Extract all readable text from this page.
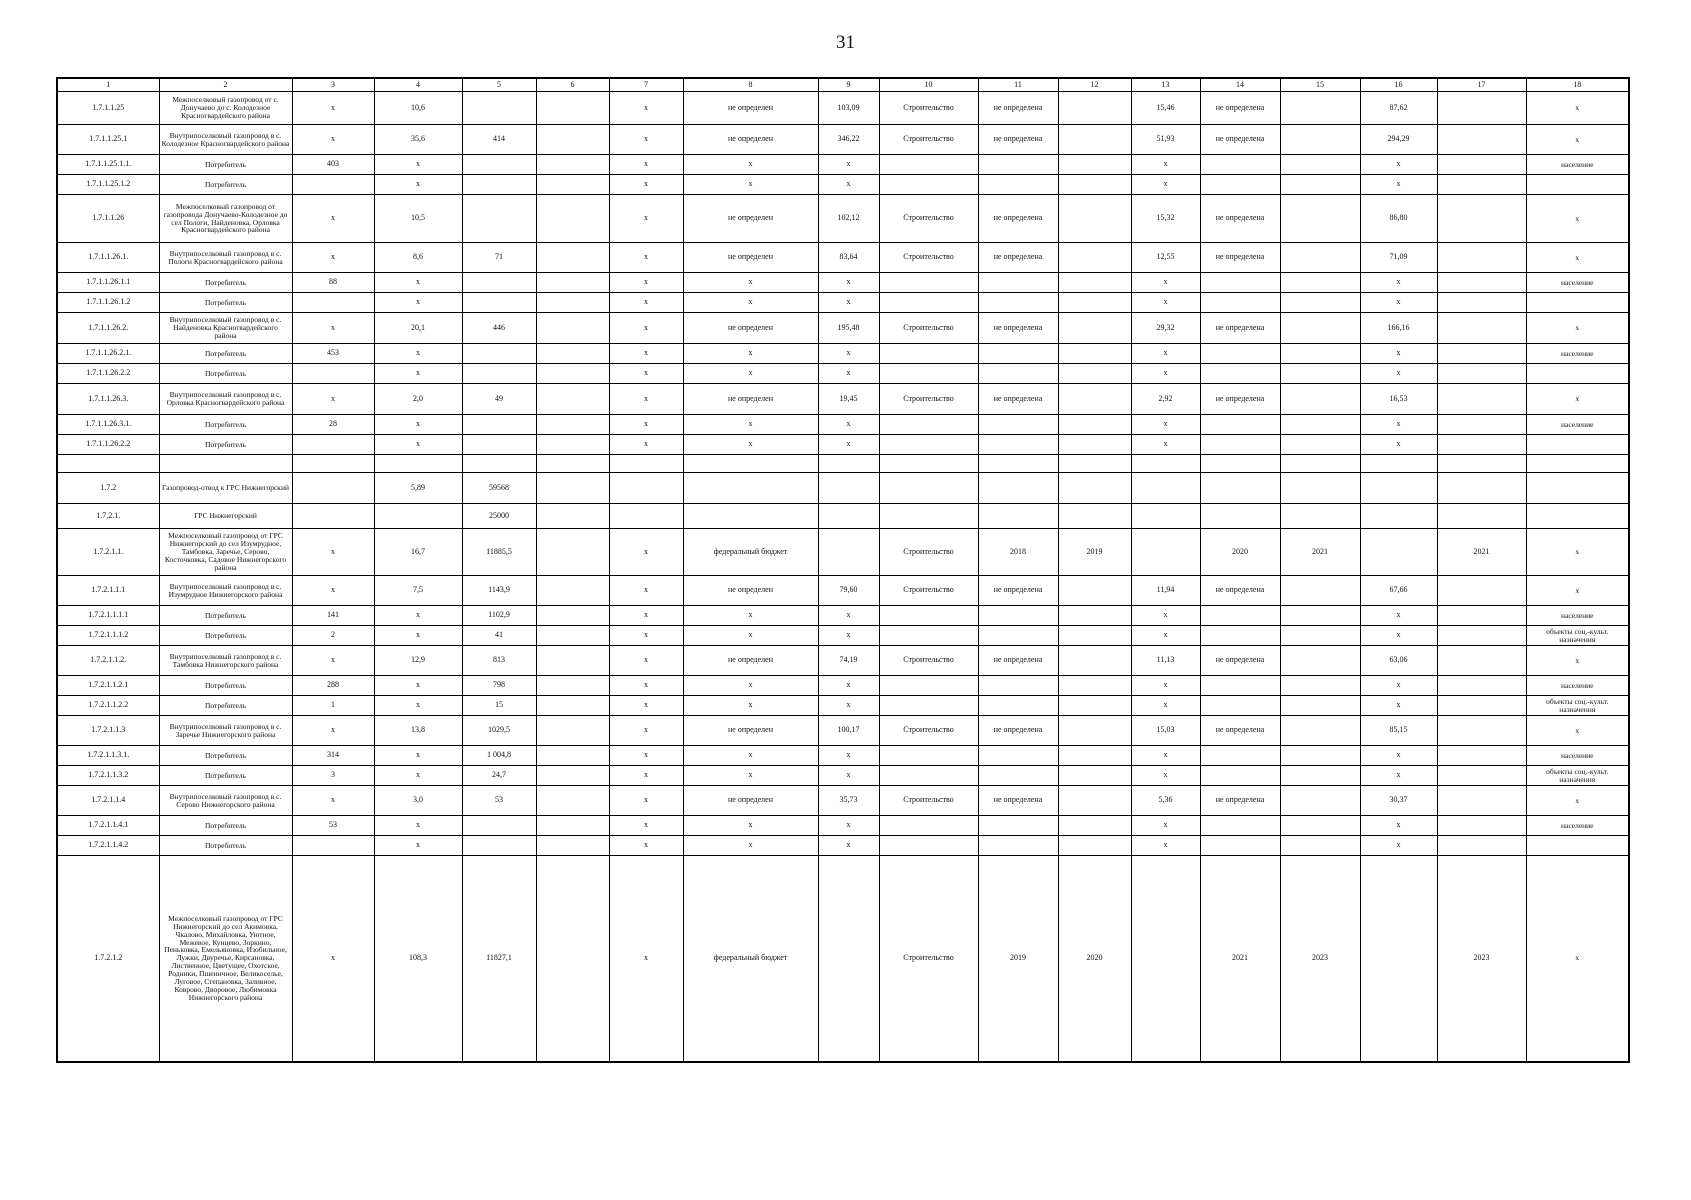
31
1	2	3	4	5	6	7	8	9	10	11	12	13	14	15	16	17	18
1.7.1.1.25	Межпоселковый газопровод от с. Донучаево до с. Колодезное Красногвардейского района	х	10,6			х	не определен	103,09	Строительство	не определена		15,46	не определена		87,62		х
1.7.1.1.25.1	Внутрипоселковый газопровод в с. Колодезное Красногвардейского района	х	35,6	414		х	не определен	346,22	Строительство	не определена		51,93	не определена		294,29		х
1.7.1.1.25.1.1.	Потребитель	403	х			х	х	х				х			х		население
1.7.1.1.25.1.2	Потребитель		х			х	х	х				х			х		
1.7.1.1.26	Межпоселковый газопровод от газопровода Донучаево-Колодезное до сел Пологи, Найденовка, Орловка Красногвардейского района	х	10,5			х	не определен	102,12	Строительство	не определена		15,32	не определена		86,80		х
1.7.1.1.26.1.	Внутрипоселковый газопровод в с. Пологи Красногвардейского района	х	8,6	71		х	не определен	83,64	Строительство	не определена		12,55	не определена		71,09		х
1.7.1.1.26.1.1	Потребитель	88	х			х	х	х				х			х		население
1.7.1.1.26.1.2	Потребитель		х			х	х	х				х			х		
1.7.1.1.26.2.	Внутрипоселковый газопровод в с. Найденовка Красногвардейского района	х	20,1	446		х	не определен	195,48	Строительство	не определена		29,32	не определена		166,16		х
1.7.1.1.26.2.1.	Потребитель	453	х			х	х	х				х			х		население
1.7.1.1.26.2.2	Потребитель		х			х	х	х				х			х		
1.7.1.1.26.3.	Внутрипоселковый газопровод в с. Орловка Красногвардейского района	х	2,0	49		х	не определен	19,45	Строительство	не определена		2,92	не определена		16,53		х
1.7.1.1.26.3.1.	Потребитель	28	х			х	х	х				х			х		население
1.7.1.1.26.2.2	Потребитель		х			х	х	х				х			х		

1.7.2	Газопровод-отвод к ГРС Нижнегорский		5,89	59568													
1.7.2.1.	ГРС Нижнегорский			25000													
1.7.2.1.1.	Межпоселковый газопровод от ГРС Нижнегорский до сел Изумрудное, Тамбовка, Заречье, Серово, Косточковка, Садовое Нижнегорского района	х	16,7	11885,5		х	федеральный бюджет		Строительство	2018	2019		2020	2021		2021	х
1.7.2.1.1.1	Внутрипоселковый газопровод в с. Изумрудное Нижнегорского района	х	7,5	1143,9		х	не определен	79,60	Строительство	не определена		11,94	не определена		67,66		х
1.7.2.1.1.1.1	Потребитель	141	х	1102,9		х	х	х				х			х		население
1.7.2.1.1.1.2	Потребитель	2	х	41		х	х	х				х			х		объекты соц.-культ. назначения
1.7.2.1.1.2.	Внутрипоселковый газопровод в с. Тамбовка Нижнегорского района	х	12,9	813		х	не определен	74,19	Строительство	не определена		11,13	не определена		63,06		х
1.7.2.1.1.2.1	Потребитель	288	х	798		х	х	х				х			х		население
1.7.2.1.1.2.2	Потребитель	1	х	15		х	х	х				х			х		объекты соц.-культ. назначения
1.7.2.1.1.3	Внутрипоселковый газопровод в с. Заречье Нижнегорского района	х	13,8	1029,5		х	не определен	100,17	Строительство	не определена		15,03	не определена		85,15		х
1.7.2.1.1.3.1.	Потребитель	314	х	1 004,8		х	х	х				х			х		население
1.7.2.1.1.3.2	Потребитель	3	х	24,7		х	х	х				х			х		объекты соц.-культ. назначения
1.7.2.1.1.4	Внутрипоселковый газопровод в с. Серово Нижнегорского района	х	3,0	53		х	не определен	35,73	Строительство	не определена		5,36	не определена		30,37		х
1.7.2.1.1.4.1	Потребитель	53	х			х	х	х				х			х		население
1.7.2.1.1.4.2	Потребитель		х			х	х	х				х			х		
1.7.2.1.2	Межпоселковый газопровод от ГРС Нижнегорский до сел Акимовка, Чкалово, Михайловка, Уютное, Межевое, Кунцево, Зоркино, Пеньковка, Емельяновка, Изобильное, Лужки, Двуречье, Кирсановка, Лиственное, Цветущее, Охотское, Родники, Пшеничное, Великоселье, Луговое, Степановка, Заливное, Коврово, Дворовое, Любимовка Нижнегорского района	х	108,3	11827,1		х	федеральный бюджет		Строительство	2019	2020		2021	2023		2023	х
